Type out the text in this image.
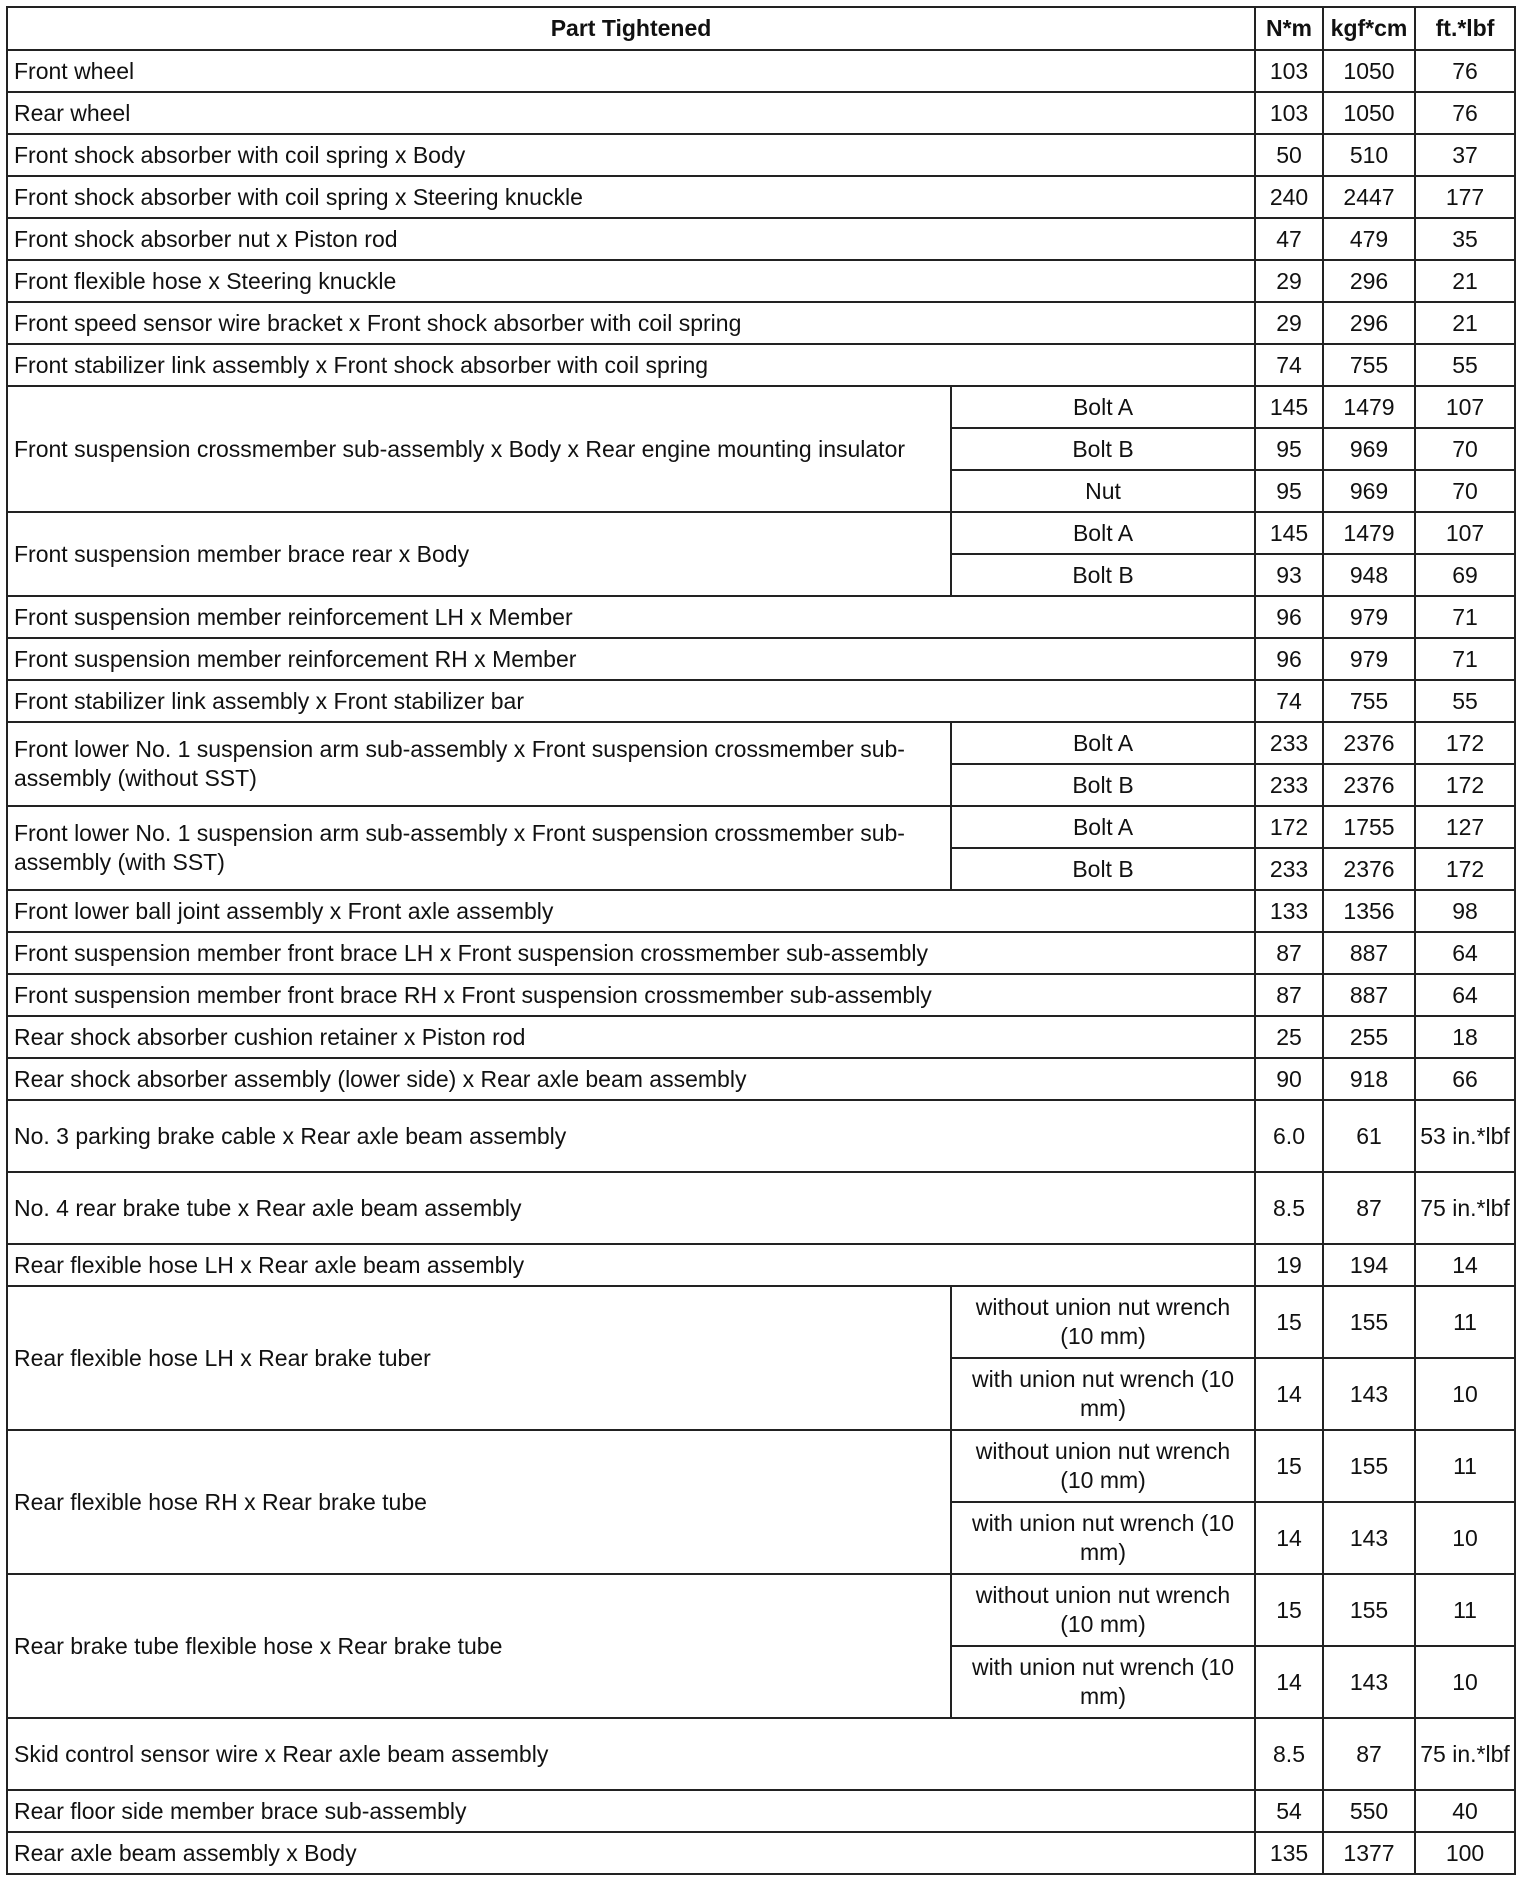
Part Tightened		N*m	kgf*cm	ft.*lbf
Front wheel		103	1050	76
Rear wheel		103	1050	76
Front shock absorber with coil spring x Body		50	510	37
Front shock absorber with coil spring x Steering knuckle		240	2447	177
Front shock absorber nut x Piston rod		47	479	35
Front flexible hose x Steering knuckle		29	296	21
Front speed sensor wire bracket x Front shock absorber with coil spring		29	296	21
Front stabilizer link assembly x Front shock absorber with coil spring		74	755	55
Front suspension crossmember sub-assembly x Body x Rear engine mounting insulator	Bolt A	145	1479	107
	Bolt B	95	969	70
	Nut	95	969	70
Front suspension member brace rear x Body	Bolt A	145	1479	107
	Bolt B	93	948	69
Front suspension member reinforcement LH x Member		96	979	71
Front suspension member reinforcement RH x Member		96	979	71
Front stabilizer link assembly x Front stabilizer bar		74	755	55
Front lower No. 1 suspension arm sub-assembly x Front suspension crossmember sub-assembly (without SST)	Bolt A	233	2376	172
	Bolt B	233	2376	172
Front lower No. 1 suspension arm sub-assembly x Front suspension crossmember sub-assembly (with SST)	Bolt A	172	1755	127
	Bolt B	233	2376	172
Front lower ball joint assembly x Front axle assembly		133	1356	98
Front suspension member front brace LH x Front suspension crossmember sub-assembly		87	887	64
Front suspension member front brace RH x Front suspension crossmember sub-assembly		87	887	64
Rear shock absorber cushion retainer x Piston rod		25	255	18
Rear shock absorber assembly (lower side) x Rear axle beam assembly		90	918	66
No. 3 parking brake cable x Rear axle beam assembly		6.0	61	53 in.*lbf
No. 4 rear brake tube x Rear axle beam assembly		8.5	87	75 in.*lbf
Rear flexible hose LH x Rear axle beam assembly		19	194	14
Rear flexible hose LH x Rear brake tuber	without union nut wrench (10 mm)	15	155	11
	with union nut wrench (10 mm)	14	143	10
Rear flexible hose RH x Rear brake tube	without union nut wrench (10 mm)	15	155	11
	with union nut wrench (10 mm)	14	143	10
Rear brake tube flexible hose x Rear brake tube	without union nut wrench (10 mm)	15	155	11
	with union nut wrench (10 mm)	14	143	10
Skid control sensor wire x Rear axle beam assembly		8.5	87	75 in.*lbf
Rear floor side member brace sub-assembly		54	550	40
Rear axle beam assembly x Body		135	1377	100
